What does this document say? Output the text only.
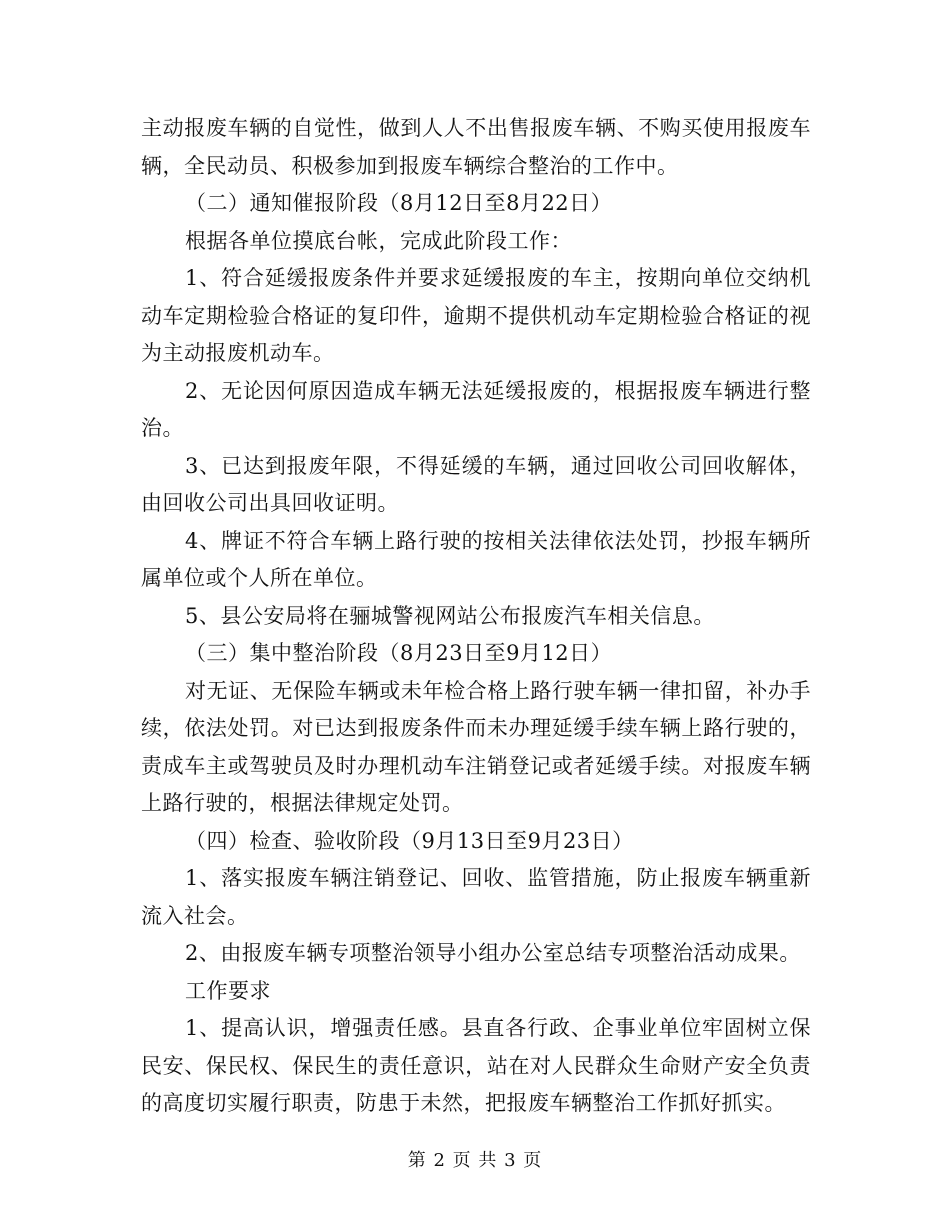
主动报废车辆的自觉性，做到人人不出售报废车辆、不购买使用报废车辆，全民动员、积极参加到报废车辆综合整治的工作中。

（二）通知催报阶段（8月12日至8月22日）

根据各单位摸底台帐，完成此阶段工作：

1、符合延缓报废条件并要求延缓报废的车主，按期向单位交纳机动车定期检验合格证的复印件，逾期不提供机动车定期检验合格证的视为主动报废机动车。

2、无论因何原因造成车辆无法延缓报废的，根据报废车辆进行整治。

3、已达到报废年限，不得延缓的车辆，通过回收公司回收解体，由回收公司出具回收证明。

4、牌证不符合车辆上路行驶的按相关法律依法处罚，抄报车辆所属单位或个人所在单位。

5、县公安局将在骊城警视网站公布报废汽车相关信息。

（三）集中整治阶段（8月23日至9月12日）

对无证、无保险车辆或未年检合格上路行驶车辆一律扣留，补办手续，依法处罚。对已达到报废条件而未办理延缓手续车辆上路行驶的，责成车主或驾驶员及时办理机动车注销登记或者延缓手续。对报废车辆上路行驶的，根据法律规定处罚。

（四）检查、验收阶段（9月13日至9月23日）

1、落实报废车辆注销登记、回收、监管措施，防止报废车辆重新流入社会。

2、由报废车辆专项整治领导小组办公室总结专项整治活动成果。

工作要求

1、提高认识，增强责任感。县直各行政、企事业单位牢固树立保民安、保民权、保民生的责任意识，站在对人民群众生命财产安全负责的高度切实履行职责，防患于未然，把报废车辆整治工作抓好抓实。

第 2 页 共 3 页
